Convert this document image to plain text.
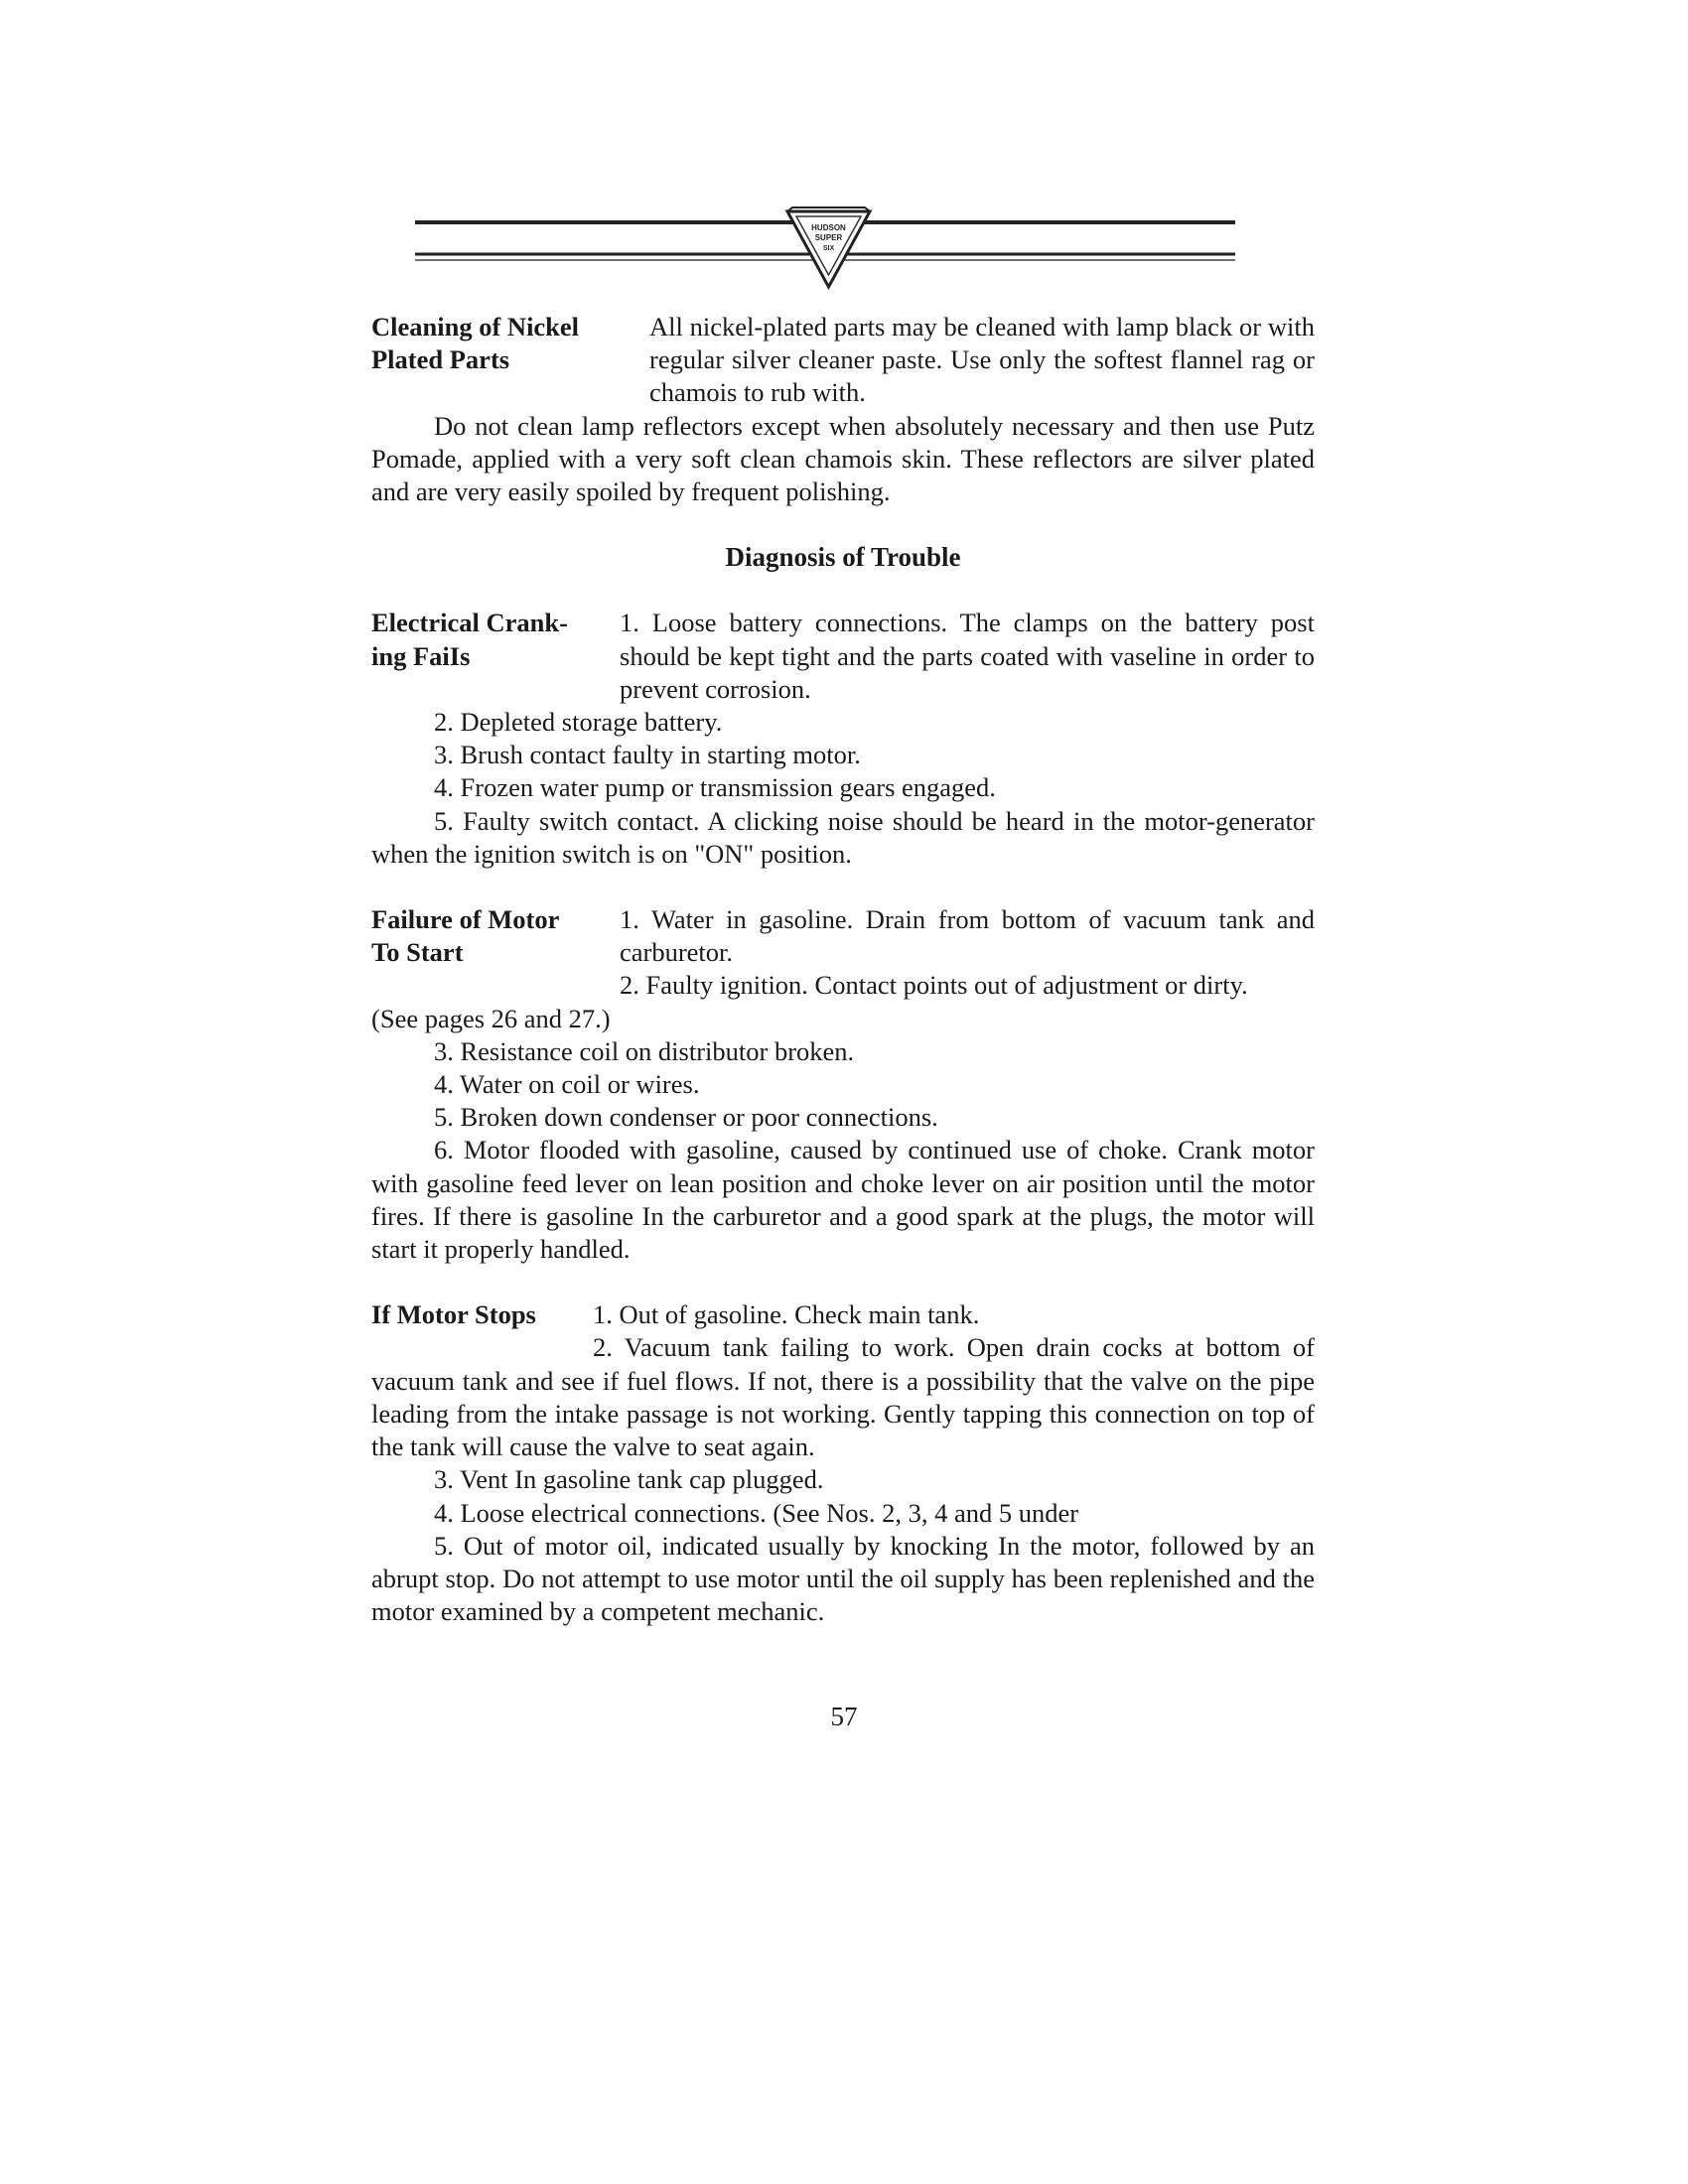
HUDSON
SUPER
SIX
Cleaning of Nickel
Plated Parts

All nickel-plated parts may be cleaned with lamp black or with regular silver cleaner paste. Use only the softest flannel rag or chamois to rub with.

Do not clean lamp reflectors except when absolutely necessary and then use Putz Pomade, applied with a very soft clean chamois skin. These reflectors are silver plated and are very easily spoiled by frequent polishing.

Diagnosis of Trouble

Electrical Crank-
ing FaiIs

1. Loose battery connections. The clamps on the battery post should be kept tight and the parts coated with vaseline in order to prevent corrosion.

2. Depleted storage battery.

3. Brush contact faulty in starting motor.

4. Frozen water pump or transmission gears engaged.

5. Faulty switch contact. A clicking noise should be heard in the motor-generator when the ignition switch is on "ON" position.

Failure of Motor
To Start

1. Water in gasoline. Drain from bottom of vacuum tank and carburetor.

2. Faulty ignition. Contact points out of adjustment or dirty.

(See pages 26 and 27.)

3. Resistance coil on distributor broken.

4. Water on coil or wires.

5. Broken down condenser or poor connections.

6. Motor flooded with gasoline, caused by continued use of choke. Crank motor with gasoline feed lever on lean position and choke lever on air position until the motor fires. If there is gasoline In the carburetor and a good spark at the plugs, the motor will start it properly handled.

If Motor Stops	1. Out of gasoline. Check main tank.

2. Vacuum tank failing to work. Open drain cocks at bottom of vacuum tank and see if fuel flows. If not, there is a possibility that the valve on the pipe leading from the intake passage is not working. Gently tapping this connection on top of the tank will cause the valve to seat again.

3. Vent In gasoline tank cap plugged.

4. Loose electrical connections. (See Nos. 2, 3, 4 and 5 under

5. Out of motor oil, indicated usually by knocking In the motor, followed by an abrupt stop. Do not attempt to use motor until the oil supply has been replenished and the motor examined by a competent mechanic.

57
